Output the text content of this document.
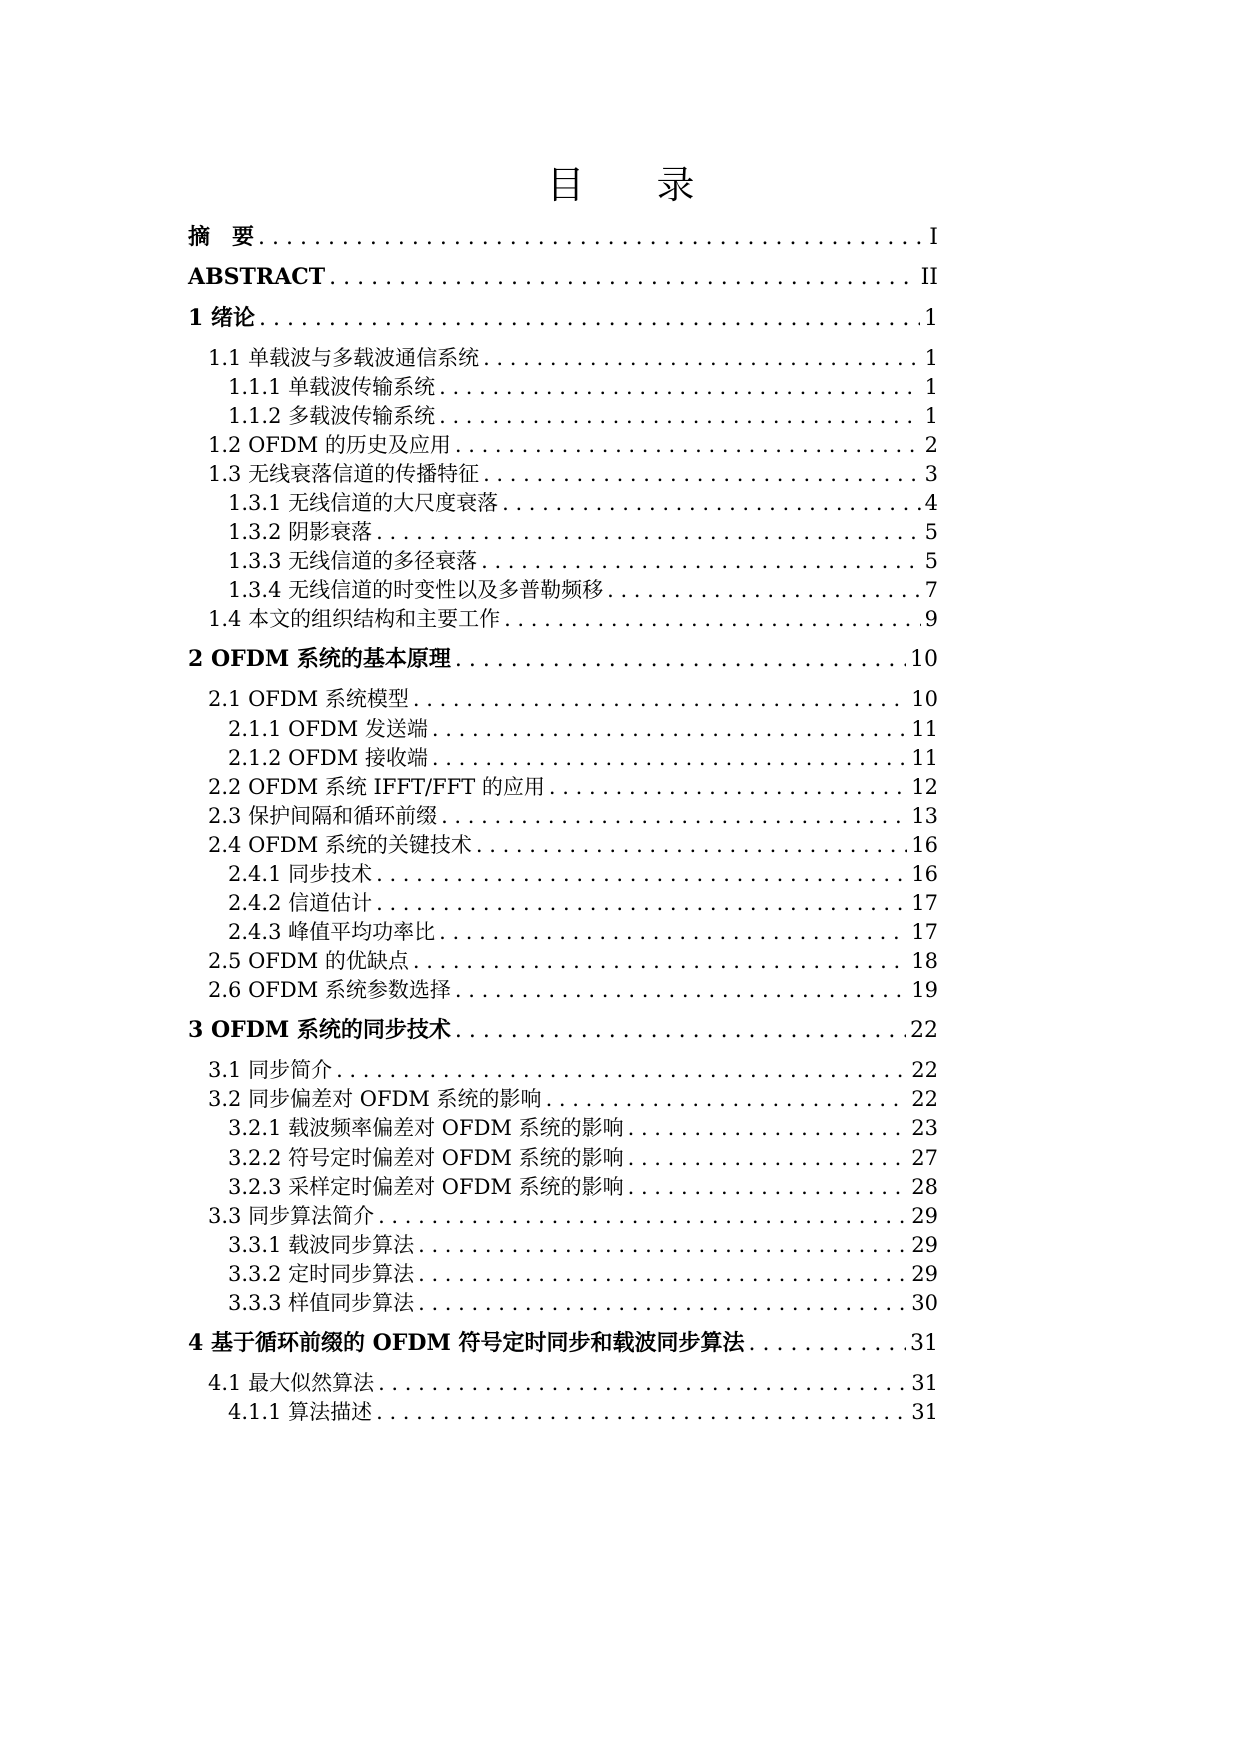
目 录
摘　要 . . .	I
ABSTRACT . . .	II
1 绪论 . . .	1
1.1 单载波与多载波通信系统 . . .	1
1.1.1 单载波传输系统 . . .	1
1.1.2 多载波传输系统 . . .	1
1.2 OFDM 的历史及应用 . . .	2
1.3 无线衰落信道的传播特征 . . .	3
1.3.1 无线信道的大尺度衰落 . . .	4
1.3.2 阴影衰落 . . .	5
1.3.3 无线信道的多径衰落 . . .	5
1.3.4 无线信道的时变性以及多普勒频移 . . .	7
1.4 本文的组织结构和主要工作 . . .	9
2 OFDM 系统的基本原理 . . .	10
2.1 OFDM 系统模型 . . .	10
2.1.1 OFDM 发送端 . . .	11
2.1.2 OFDM 接收端 . . .	11
2.2 OFDM 系统 IFFT/FFT 的应用 . . .	12
2.3 保护间隔和循环前缀 . . .	13
2.4 OFDM 系统的关键技术 . . .	16
2.4.1 同步技术 . . .	16
2.4.2 信道估计 . . .	17
2.4.3 峰值平均功率比 . . .	17
2.5 OFDM 的优缺点 . . .	18
2.6 OFDM 系统参数选择 . . .	19
3 OFDM 系统的同步技术 . . .	22
3.1 同步简介 . . .	22
3.2 同步偏差对 OFDM 系统的影响 . . .	22
3.2.1 载波频率偏差对 OFDM 系统的影响 . . .	23
3.2.2 符号定时偏差对 OFDM 系统的影响 . . .	27
3.2.3 采样定时偏差对 OFDM 系统的影响 . . .	28
3.3 同步算法简介 . . .	29
3.3.1 载波同步算法 . . .	29
3.3.2 定时同步算法 . . .	29
3.3.3 样值同步算法 . . .	30
4 基于循环前缀的 OFDM 符号定时同步和载波同步算法 . . .	31
4.1 最大似然算法 . . .	31
4.1.1 算法描述 . . .	31
